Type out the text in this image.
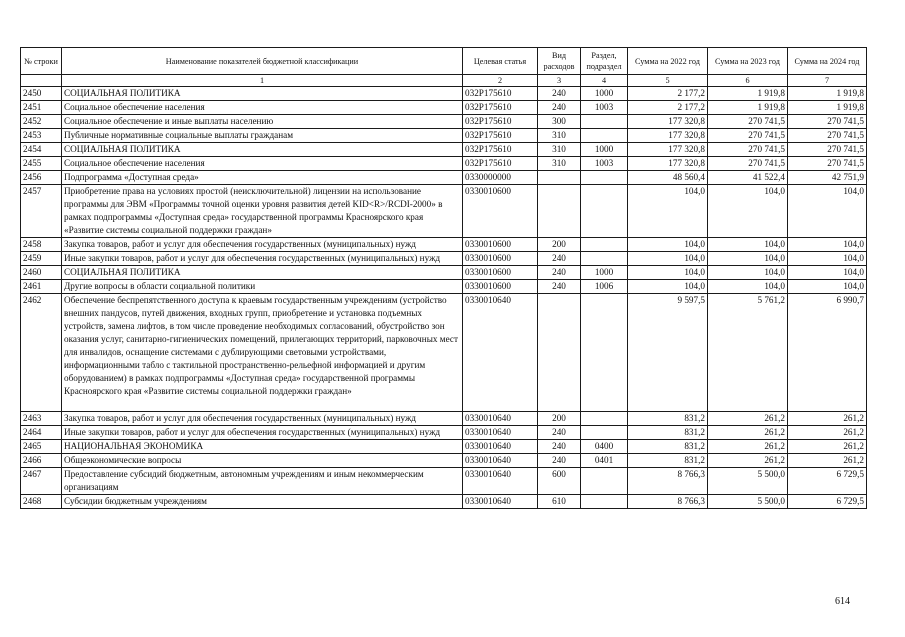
№ строки	Наименование показателей бюджетной классификации	Целевая статья	Вид расходов	Раздел, подраздел	Сумма на 2022 год	Сумма на 2023 год	Сумма на 2024 год
	1	2	3	4	5	6	7
2450	СОЦИАЛЬНАЯ ПОЛИТИКА	032P175610	240	1000	2 177,2	1 919,8	1 919,8
2451	Социальное обеспечение населения	032P175610	240	1003	2 177,2	1 919,8	1 919,8
2452	Социальное обеспечение и иные выплаты населению	032P175610	300		177 320,8	270 741,5	270 741,5
2453	Публичные нормативные социальные выплаты гражданам	032P175610	310		177 320,8	270 741,5	270 741,5
2454	СОЦИАЛЬНАЯ ПОЛИТИКА	032P175610	310	1000	177 320,8	270 741,5	270 741,5
2455	Социальное обеспечение населения	032P175610	310	1003	177 320,8	270 741,5	270 741,5
2456	Подпрограмма «Доступная среда»	0330000000			48 560,4	41 522,4	42 751,9
2457	Приобретение права на условиях простой (неисключительной) лицензии на использование программы для ЭВМ «Программы точной оценки уровня развития детей KID<R>/RCDI-2000» в рамках подпрограммы «Доступная среда» государственной программы Красноярского края «Развитие системы социальной поддержки граждан»	0330010600			104,0	104,0	104,0
2458	Закупка товаров, работ и услуг для обеспечения государственных (муниципальных) нужд	0330010600	200		104,0	104,0	104,0
2459	Иные закупки товаров, работ и услуг для обеспечения государственных (муниципальных) нужд	0330010600	240		104,0	104,0	104,0
2460	СОЦИАЛЬНАЯ ПОЛИТИКА	0330010600	240	1000	104,0	104,0	104,0
2461	Другие вопросы в области социальной политики	0330010600	240	1006	104,0	104,0	104,0
2462	Обеспечение беспрепятственного доступа к краевым государственным учреждениям (устройство внешних пандусов, путей движения, входных групп, приобретение и установка подъемных устройств, замена лифтов, в том числе проведение необходимых согласований, обустройство зон оказания услуг, санитарно-гигиенических помещений, прилегающих территорий, парковочных мест для инвалидов, оснащение системами с дублирующими световыми устройствами, информационными табло с тактильной пространственно-рельефной информацией и другим оборудованием) в рамках подпрограммы «Доступная среда» государственной программы Красноярского края «Развитие системы социальной поддержки граждан»	0330010640			9 597,5	5 761,2	6 990,7
2463	Закупка товаров, работ и услуг для обеспечения государственных (муниципальных) нужд	0330010640	200		831,2	261,2	261,2
2464	Иные закупки товаров, работ и услуг для обеспечения государственных (муниципальных) нужд	0330010640	240		831,2	261,2	261,2
2465	НАЦИОНАЛЬНАЯ ЭКОНОМИКА	0330010640	240	0400	831,2	261,2	261,2
2466	Общеэкономические вопросы	0330010640	240	0401	831,2	261,2	261,2
2467	Предоставление субсидий бюджетным, автономным учреждениям и иным некоммерческим организациям	0330010640	600		8 766,3	5 500,0	6 729,5
2468	Субсидии бюджетным учреждениям	0330010640	610		8 766,3	5 500,0	6 729,5
614
